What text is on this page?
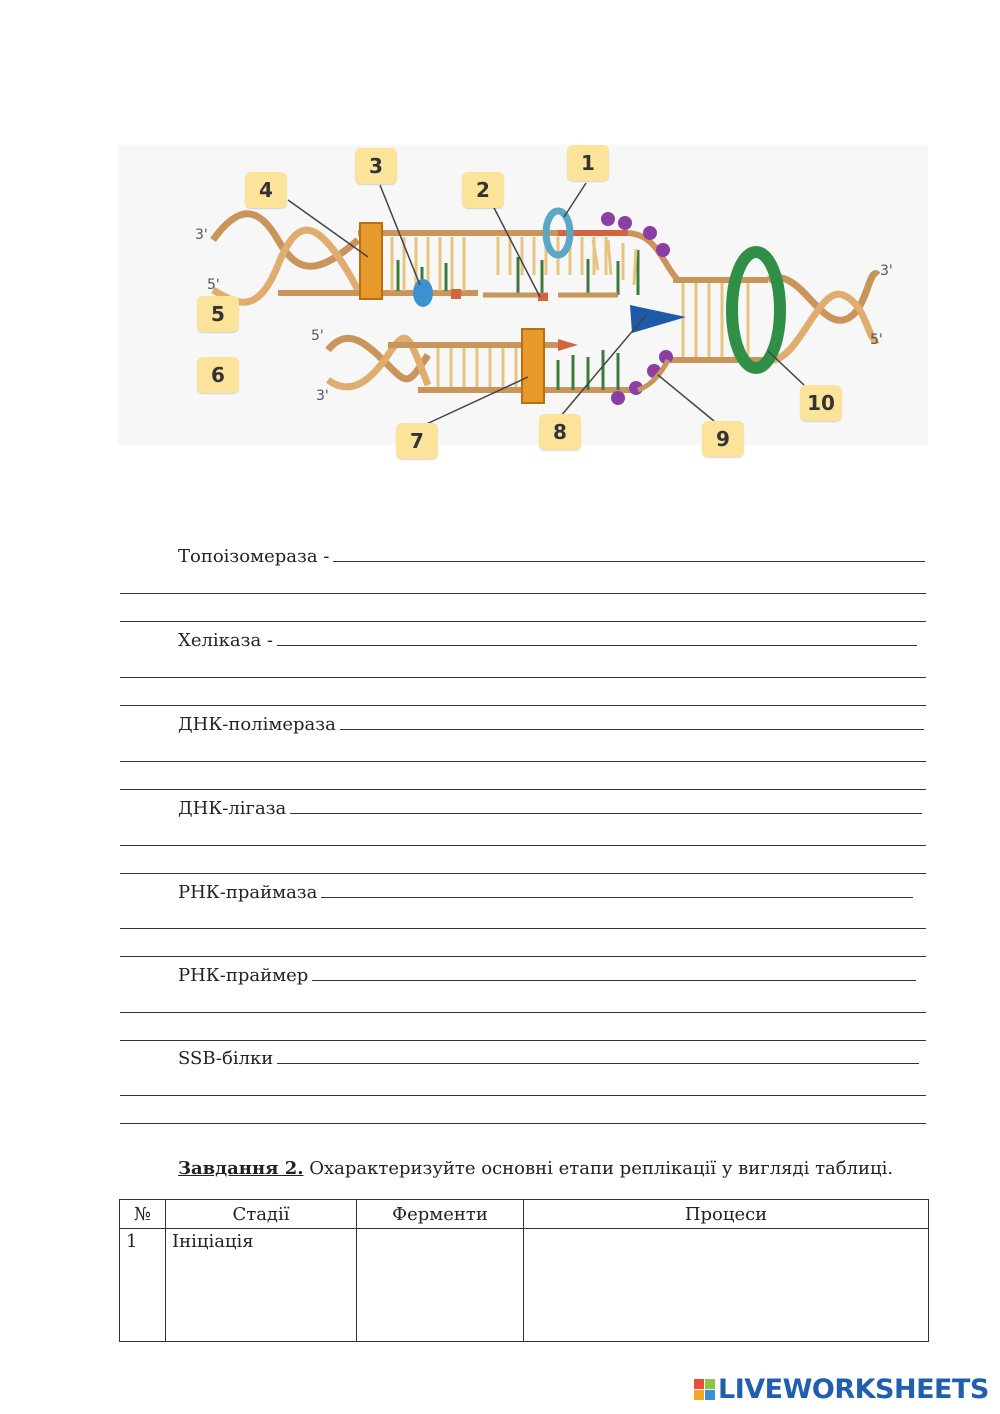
1
2
3
4
5
6
7	8	9
10
3'
5'
5'
3'
3'
5'
Топоізомераза -
Хеліказа -
ДНК-полімераза
ДНК-лігаза
РНК-праймаза
РНК-праймер
SSB-білки
Завдання 2. Охарактеризуйте основні етапи реплікації у вигляді таблиці.
№	Стадії	Ферменти	Процеси
1	Ініціація		
LIVEWORKSHEETS
